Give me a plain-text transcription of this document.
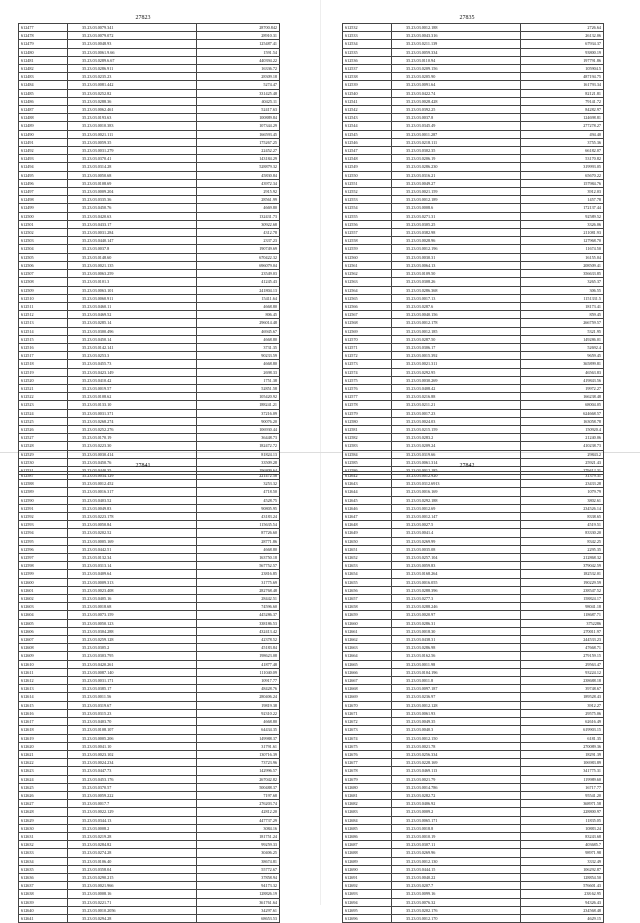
27823
612477	35.23.03.0079.341	28700.842
612478	35.23.03.0079.072	28910.31
612479	35.23.03.0048.93	125487.41
612480	35.23.03.0061.9.66	1591.54
612481	35.23.03.0289.6.67	440394.22
612482	35.23.03.0286.911	16336.72
612483	35.23.03.0235.23	28309.18
612484	35.23.03.0081.442	5274.47
612485	35.23.03.0252.82	331425.48
612486	35.23.03.0288.36	40425.11
612487	35.23.03.0062.461	52417.63
612488	35.23.03.0193.63	100889.84
612489	35.23.03.0010.383	107344.29
612490	35.23.03.0021.111	166593.45
612491	35.23.03.0059.35	175267.25
612492	35.23.03.0031.279	22452.27
612493	35.23.03.0370.41	143184.29
612494	35.23.03.0314.28	528879.32
612495	35.23.03.0050.68	45830.84
612496	35.23.03.0108.69	43972.34
612497	35.23.03.0009.204	2915.92
612498	35.23.03.0335.36	28561.99
612499	35.23.03.0450.76	4669.80
612500	35.23.03.0420.63	132431.73
612501	35.23.03.0433.17	30922.68
612502	35.23.03.0031.284	4312.78
612503	35.23.03.0440.147	2337.23
612504	35.23.03.0037.8	190749.69
612505	35.23.03.0148.60	670422.32
612506	35.23.03.0021.135	696079.04
612507	35.23.03.0063.259	23549.03
612508	35.23.03.0101.3	41245.43
612509	35.23.03.0063.101	241804.13
612510	35.23.03.0060.911	15411.64
612511	35.23.03.0460.11	4668.80
612512	35.23.03.0469.52	806.45
612513	35.23.03.0285.14	296014.48
612514	35.23.03.0300.496	46945.67
612515	35.23.03.0450.14	4668.80
612516	35.23.03.0142.141	3731.35
612517	35.23.03.0253.3	90233.59
612518	35.23.03.0455.73	4668.80
612519	35.23.03.0423.149	2698.33
612520	35.23.03.0410.42	1751.38
612521	35.23.03.0019.57	52851.58
612522	35.23.03.0108.62	105420.92
612523	35.23.03.0133.10	188241.21
612524	35.23.03.0031.371	37216.09
612525	35.23.03.0268.274	90076.20
612526	35.23.03.0252.276	106930.44
612527	35.23.03.0170.19	36448.73
612528	35.23.03.0223.30	182472.72
612529	35.23.03.0030.414	81824.13
612530	35.23.03.0450.76	33509.28
612531	35.23.03.0440.35	196809.64
27835
612532	35.23.03.0012.188	2726.64
612533	35.23.03.0043.316	26132.06
612534	35.23.03.0211.139	67934.37
612535	35.23.03.0059.334	93800.19
612536	35.23.03.0110.94	197791.86
612537	35.23.03.0209.156	105904.5
612538	35.23.03.0205.90	487194.75
612539	35.23.03.0091.64	161793.34
612540	35.23.03.0422.74	82121.81
612541	35.23.03.0028.428	79141.72
612542	35.23.03.0392.25	84282.97
612543	35.23.03.0037.8	124698.81
612544	35.23.03.0345.49	277278.27
612545	35.23.03.0011.287	494.40
612546	35.23.03.0218.111	3755.36
612547	35.23.03.0302.35	66182.07
612548	35.23.03.0206.19	53170.82
612549	35.23.03.0286.230	319993.05
612550	35.23.03.0316.21	65670.22
612551	35.23.03.0049.27	157984.76
612552	35.23.03.0021.159	3912.03
612553	35.23.03.0012.189	1457.78
612554	35.23.03.0008.6	172137.44
612555	35.23.03.0271.31	92589.52
612556	35.23.03.0305.25	3326.06
612557	35.23.03.0382.98	211081.93
612558	35.23.03.0028.96	127968.70
612559	35.23.03.0012.196	11674.50
612560	35.23.03.0030.31	16155.04
612561	35.23.03.0064.13	208509.41
612562	35.23.03.0109.50	356633.85
612563	35.23.03.0308.26	3265.37
612564	35.23.03.0286.368	306.55
612565	35.23.03.0017.13	1151331.5
612566	35.23.03.0287.6	18173.41
612567	35.23.03.0040.156	859.45
612568	35.23.03.0012.178	266759.57
612569	35.23.03.0012.185	5321.95
612570	35.23.03.0287.50	149286.01
612571	35.23.03.0306.17	52692.4
612572	35.23.03.0015.392	9659.45
612573	35.23.03.0021.311	365899.81
612574	35.23.03.0292.95	46563.83
612575	35.23.03.0030.269	419843.56
612576	35.23.03.0408.42	19972.27
612577	35.23.03.0216.88	166238.48
612578	35.23.03.0211.21	68004.05
612579	35.23.03.0017.23	624668.57
612580	35.23.03.0024.03	163058.78
612581	35.23.03.0215.159	150920.4
612582	35.23.03.0283.2	21240.06
612583	35.23.03.0209.24	410238.73
612584	35.23.03.0319.66	29843.2
612585	35.23.03.0061.314	25921.43
612586	35.23.03.0012.185	279412.31
27841
612587	35.23.03.0034.129	221472.58
612588	35.23.03.0012.452	3253.32
612589	35.23.03.0016.317	4718.50
612590	35.23.03.0403.52	4528.75
612591	35.23.03.0049.83	90805.95
612592	35.23.03.0223.178	43183.24
612593	35.23.03.0050.84	115635.54
612594	35.23.03.0202.52	87726.60
612595	35.23.03.0005.169	28771.86
612596	35.23.03.0442.51	4668.80
612597	35.23.03.0132.34	163750.18
612598	35.23.03.0313.14	567752.57
612599	35.23.03.0409.64	23816.85
612600	35.23.03.0009.313	31775.69
612601	35.23.03.0023.408	282768.48
612602	35.23.03.0405.16	28442.51
612603	35.23.03.0018.68	74596.60
612604	35.23.03.0073.159	445286.37
612605	35.23.03.0050.123	338186.53
612606	35.23.03.0304.288	432413.42
612607	35.23.03.0259.128	42378.52
612608	35.23.03.0305.2	45183.84
612609	35.23.03.0303.795	198623.08
612610	35.23.03.0420.261	41877.48
612611	35.23.03.0087.140	111040.09
612612	35.23.03.0031.171	10917.77
612613	35.23.03.0385.17	48428.76
612614	35.23.03.0011.56	280406.24
612615	35.23.03.0319.67	19819.38
612616	35.23.03.0315.23	92310.22
612617	35.23.03.0403.70	4668.80
612618	35.23.03.0108.107	64434.35
612619	35.23.03.0005.206	149988.37
612620	35.23.03.0041.10	31791.61
612621	35.23.03.0023.102	130716.39
612622	35.23.03.0024.234	73723.96
612623	35.23.03.0447.73	142996.57
612624	35.23.03.0453.176	267042.82
612625	35.23.03.0370.57	500488.37
612626	35.23.03.0059.222	7197.68
612627	35.23.03.0017.7	276203.74
612628	35.23.03.0022.129	42812.20
612629	35.23.03.0344.13	447737.29
612630	35.23.03.0008.2	3084.16
612631	35.23.03.0219.28	181751.24
612632	35.23.03.0284.82	99259.33
612633	35.23.03.0274.28	30406.25
612634	35.23.03.0106.40	38674.81
612635	35.23.03.0358.04	55772.67
612636	35.23.03.0290.215	37858.94
612637	35.23.03.0021.966	94173.32
612638	35.23.03.0008.16	128826.19
612639	35.23.03.0221.71	361761.64
612640	35.23.03.0010.2056	34297.61
612641	35.23.03.0294.28	68653.53
27842
612642	35.23.03.0012.920	31379.31
612643	35.23.03.0312.6913	23433.28
612644	35.23.03.0016.169	1079.79
612645	35.23.03.0292.188	3802.61
612646	35.23.03.0012.69	234526.14
612647	35.23.03.0012.147	8338.65
612648	35.23.03.0027.5	4519.51
612649	35.23.03.0041.4	83330.20
612650	35.23.03.0269.99	8342.25
612651	35.23.03.0035.08	2295.35
612652	35.23.03.0257.104	212868.32
612653	35.23.03.0059.83	379042.59
612654	35.23.03.0168.264	182532.01
612655	35.23.03.0016.055	190229.59
612656	35.23.03.0288.396	238547.52
612657	35.23.03.0277.3	158824.17
612658	35.23.03.0288.246	98041.18
612659	35.23.03.0020.97	118687.71
612660	35.23.03.0286.31	3752286
612661	35.23.03.0018.30	270011.97
612662	35.23.03.0438.31	244533.23
612663	35.23.03.0286.98	47668.71
612664	35.23.03.0162.56	279159.15
612665	35.23.03.0011.98	29563.47
612666	35.23.03.0104.196	93224.12
612667	35.23.03.0011.8	238688.18
612668	35.23.03.0097.187	39748.67
612669	35.23.03.0236.97	189528.43
612670	35.23.03.0012.128	3912.27
612671	35.23.03.0061.93	29575.06
612672	35.23.03.0049.35	62616.49
612673	35.23.03.0040.3	619903.15
612674	35.23.03.0012.150	6181.35
612675	35.23.03.0021.78	270089.36
612676	35.23.03.0256.334	18291.39
612677	35.23.03.0228.169	106983.89
612678	35.23.03.0469.113	341775.31
612679	35.23.03.0021.79	119989.60
612680	35.23.03.0014.786	16717.77
612681	35.23.03.0282.72	95541.20
612682	35.23.03.0406.92	368971.58
612683	35.23.03.0009.2	228800.97
612684	35.23.03.0065.171	11835.05
612685	35.23.03.0018.8	10883.24
612686	35.23.03.0010.19	83243.68
612687	35.23.03.0307.11	403685.7
612688	35.23.03.0269.96	98971.98
612689	35.23.03.0012.130	3332.49
612690	35.23.03.0444.15	106292.87
612691	35.23.03.0040.22	128854.50
612692	35.23.03.0207.7	576601.43
612693	35.23.03.0099.16	238.62.95
612694	35.23.03.0076.32	94326.43
612695	35.23.03.0202.176	234568.48
612696	35.23.03.0012.170	4629.15
